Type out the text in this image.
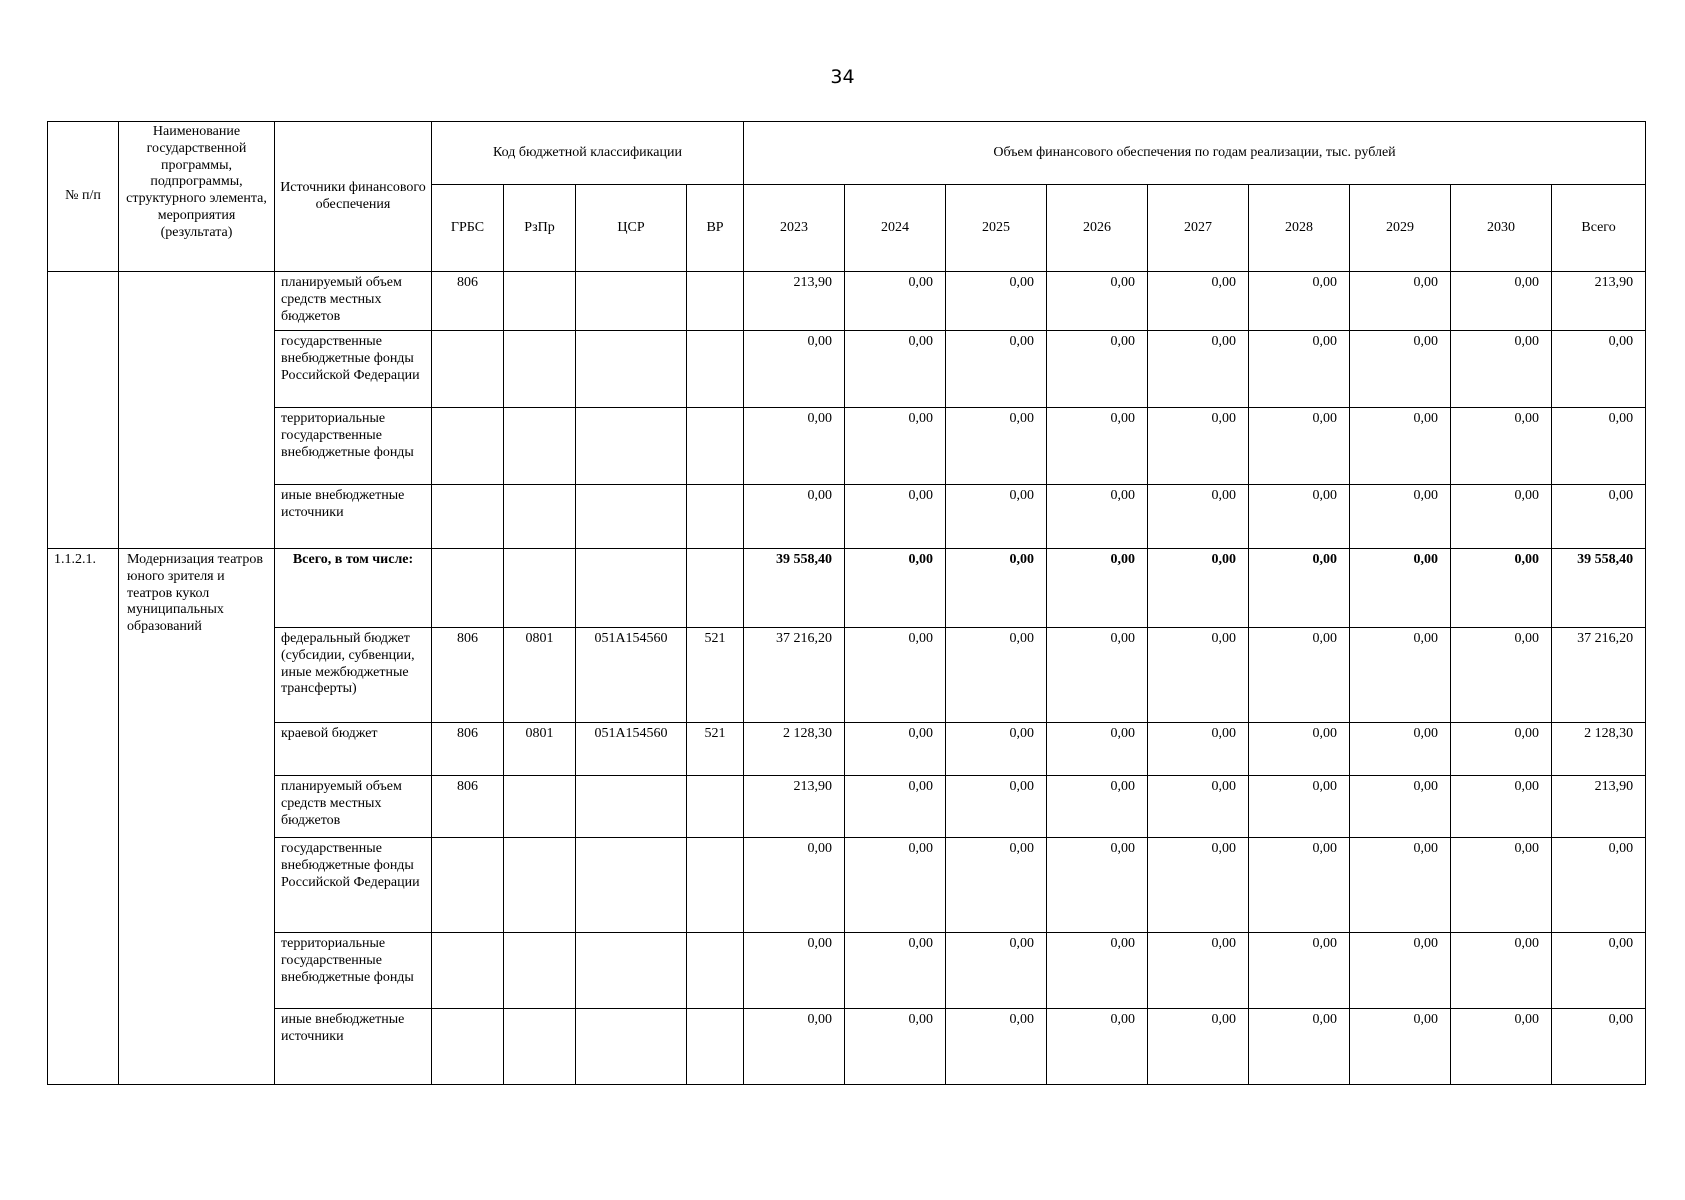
34
№ п/п	Наименование государственной программы, подпрограммы, структурного элемента, мероприятия (результата)	Источники финансового обеспечения	Код бюджетной классификации				Объем финансового обеспечения по годам реализации, тыс. рублей								
			ГРБС	РзПр	ЦСР	ВР	2023	2024	2025	2026	2027	2028	2029	2030	Всего
		планируемый объем средств местных бюджетов	806				213,90	0,00	0,00	0,00	0,00	0,00	0,00	0,00	213,90
		государственные внебюджетные фонды Российской Федерации					0,00	0,00	0,00	0,00	0,00	0,00	0,00	0,00	0,00
		территориальные государственные внебюджетные фонды					0,00	0,00	0,00	0,00	0,00	0,00	0,00	0,00	0,00
		иные внебюджетные источники					0,00	0,00	0,00	0,00	0,00	0,00	0,00	0,00	0,00
1.1.2.1.	Модернизация театров юного зрителя и театров кукол муниципальных образований	Всего, в том числе:					39 558,40	0,00	0,00	0,00	0,00	0,00	0,00	0,00	39 558,40
		федеральный бюджет (субсидии, субвенции, иные межбюджетные трансферты)	806	0801	051A154560	521	37 216,20	0,00	0,00	0,00	0,00	0,00	0,00	0,00	37 216,20
		краевой бюджет	806	0801	051A154560	521	2 128,30	0,00	0,00	0,00	0,00	0,00	0,00	0,00	2 128,30
		планируемый объем средств местных бюджетов	806				213,90	0,00	0,00	0,00	0,00	0,00	0,00	0,00	213,90
		государственные внебюджетные фонды Российской Федерации					0,00	0,00	0,00	0,00	0,00	0,00	0,00	0,00	0,00
		территориальные государственные внебюджетные фонды					0,00	0,00	0,00	0,00	0,00	0,00	0,00	0,00	0,00
		иные внебюджетные источники					0,00	0,00	0,00	0,00	0,00	0,00	0,00	0,00	0,00
